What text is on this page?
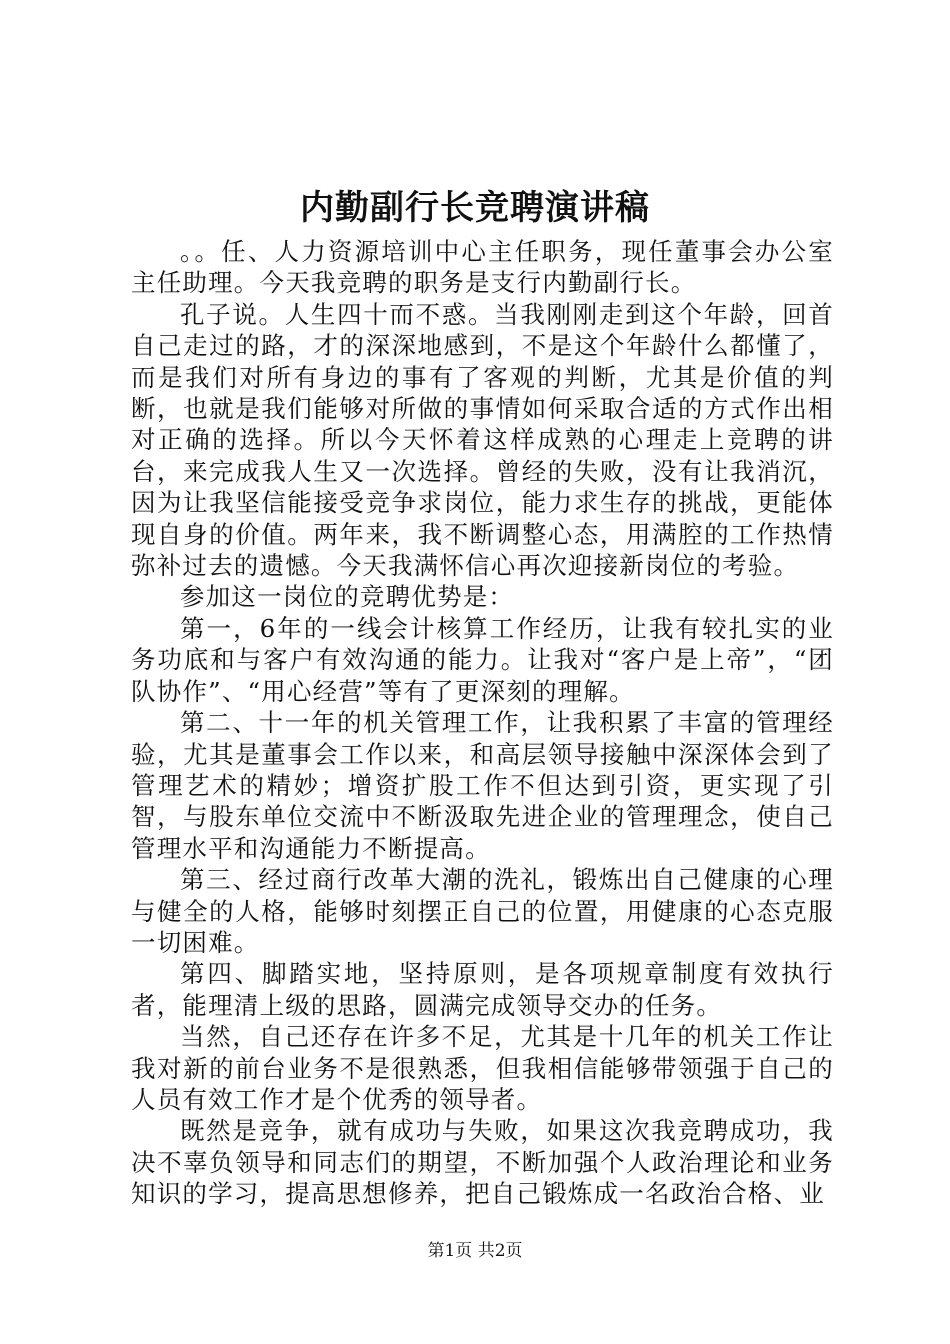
内勤副行长竞聘演讲稿

。。任、人力资源培训中心主任职务，现任董事会办公室主任助理。今天我竞聘的职务是支行内勤副行长。

孔子说。人生四十而不惑。当我刚刚走到这个年龄，回首自己走过的路，才的深深地感到，不是这个年龄什么都懂了，而是我们对所有身边的事有了客观的判断，尤其是价值的判断，也就是我们能够对所做的事情如何采取合适的方式作出相对正确的选择。所以今天怀着这样成熟的心理走上竞聘的讲台，来完成我人生又一次选择。曾经的失败，没有让我消沉，因为让我坚信能接受竞争求岗位，能力求生存的挑战，更能体现自身的价值。两年来，我不断调整心态，用满腔的工作热情弥补过去的遗憾。今天我满怀信心再次迎接新岗位的考验。

参加这一岗位的竞聘优势是：

第一，6年的一线会计核算工作经历，让我有较扎实的业务功底和与客户有效沟通的能力。让我对“客户是上帝”，“团队协作”、“用心经营”等有了更深刻的理解。

第二、十一年的机关管理工作，让我积累了丰富的管理经验，尤其是董事会工作以来，和高层领导接触中深深体会到了管理艺术的精妙；增资扩股工作不但达到引资，更实现了引智，与股东单位交流中不断汲取先进企业的管理理念，使自己管理水平和沟通能力不断提高。

第三、经过商行改革大潮的洗礼，锻炼出自己健康的心理与健全的人格，能够时刻摆正自己的位置，用健康的心态克服一切困难。

第四、脚踏实地，坚持原则，是各项规章制度有效执行者，能理清上级的思路，圆满完成领导交办的任务。

当然，自己还存在许多不足，尤其是十几年的机关工作让我对新的前台业务不是很熟悉，但我相信能够带领强于自己的人员有效工作才是个优秀的领导者。

既然是竞争，就有成功与失败，如果这次我竞聘成功，我决不辜负领导和同志们的期望，不断加强个人政治理论和业务知识的学习，提高思想修养，把自己锻炼成一名政治合格、业

第1页 共2页
